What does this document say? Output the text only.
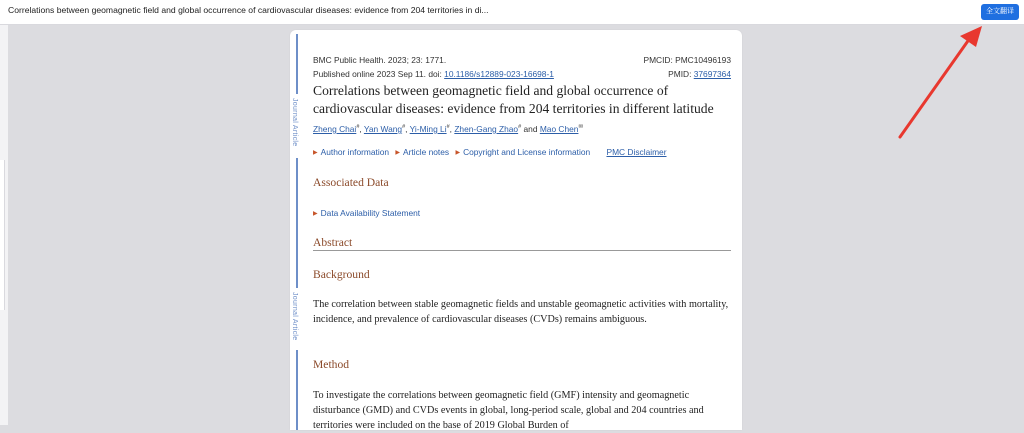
Correlations between geomagnetic field and global occurrence of cardiovascular diseases: evidence from 204 territories in di...	全文翻译
Journal Article
Journal Article
BMC Public Health. 2023; 23: 1771.	PMCID: PMC10496193
Published online 2023 Sep 11. doi: 10.1186/s12889-023-16698-1	PMID: 37697364
Correlations between geomagnetic field and global occurrence of cardiovascular diseases: evidence from 204 territories in different latitude
Zheng Chai#, Yan Wang#, Yi-Ming Li#, Zhen-Gang Zhao# and Mao Chen✉
▶ Author information ▶ Article notes ▶ Copyright and License information PMC Disclaimer
Associated Data
▶ Data Availability Statement
Abstract
Background
The correlation between stable geomagnetic fields and unstable geomagnetic activities with mortality, incidence, and prevalence of cardiovascular diseases (CVDs) remains ambiguous.
Method
To investigate the correlations between geomagnetic field (GMF) intensity and geomagnetic disturbance (GMD) and CVDs events in global, long-period scale, global and 204 countries and territories were included on the base of 2019 Global Burden of
